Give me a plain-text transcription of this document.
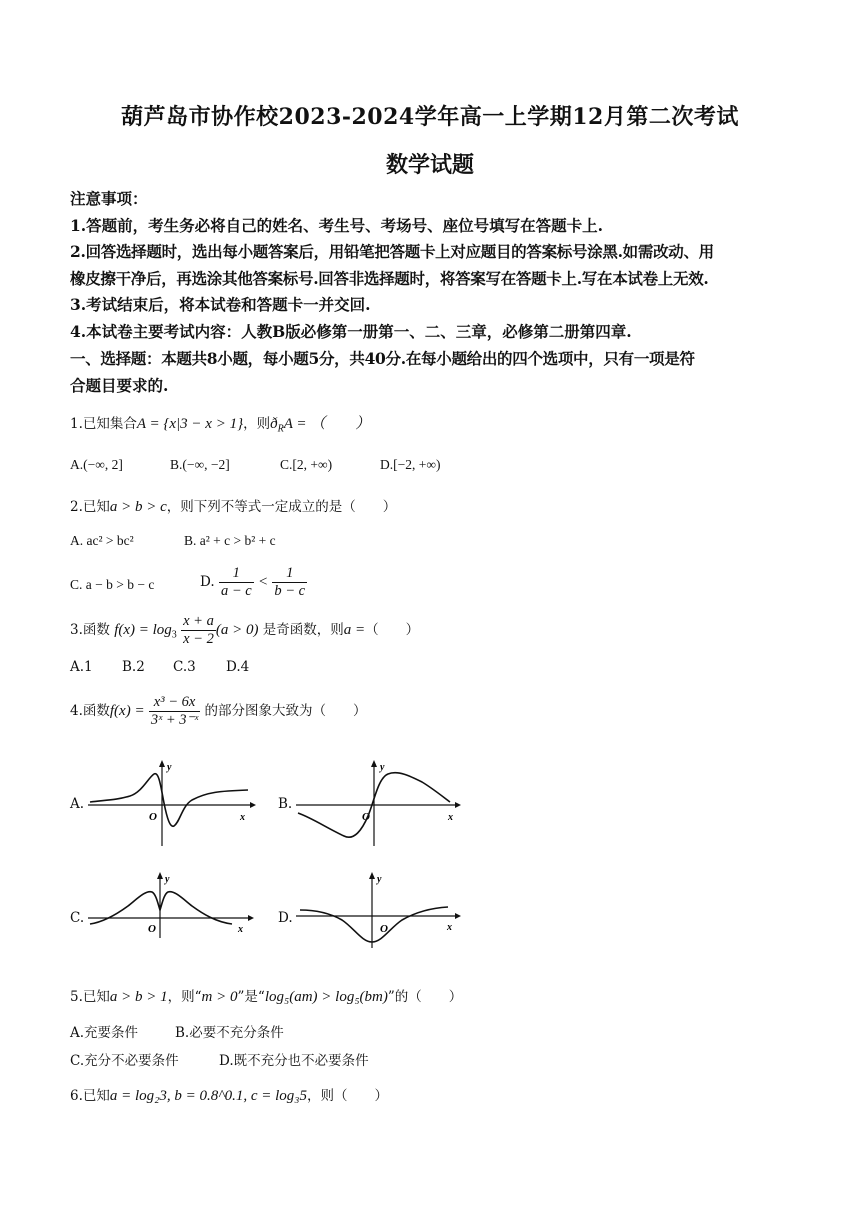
葫芦岛市协作校2023-2024学年高一上学期12月第二次考试
数学试题
注意事项：
1.答题前，考生务必将自己的姓名、考生号、考场号、座位号填写在答题卡上.
2.回答选择题时，选出每小题答案后，用铅笔把答题卡上对应题目的答案标号涂黑.如需改动、用
橡皮擦干净后，再选涂其他答案标号.回答非选择题时，将答案写在答题卡上.写在本试卷上无效.
3.考试结束后，将本试卷和答题卡一并交回.
4.本试卷主要考试内容：人教B版必修第一册第一、二、三章，必修第二册第四章.
一、选择题：本题共8小题，每小题5分，共40分.在每小题给出的四个选项中，只有一项是符
合题目要求的.
1.已知集合A = {x|3 − x > 1}，则$ð_RA$ = （　　）
A.(−∞, 2]	B.(−∞, −2]	C.[2, +∞)	D.[−2, +∞)
2.已知a > b > c，则下列不等式一定成立的是（　　）
A. ac² > bc²	B. a² + c > b² + c
C. a − b > b − c	D. $\frac{1}{a - c} < \frac{1}{b - c}$
3.函数 $f(x) = \log_3 \frac{x + a}{x - 2} (a > 0)$ 是奇函数，则a =（　　）
A.1 B.2 C.3 D.4
4.函数$f(x) = \frac{\text{x³ − 6x}}{\text{3ˣ + 3⁻ˣ}}$ 的部分图象大致为（　　）
A.
y
x
O
B.
y
x
O
C.
y
x
O
D.
y
x
O
5.已知a > b > 1，则“m > 0”是“log₅(am) > log₅(bm)”的（　　）
A.充要条件	B.必要不充分条件
C.充分不必要条件	D.既不充分也不必要条件
6.已知a = log₂3, b = 0.8^0.1, c = log₃5，则（　　）
